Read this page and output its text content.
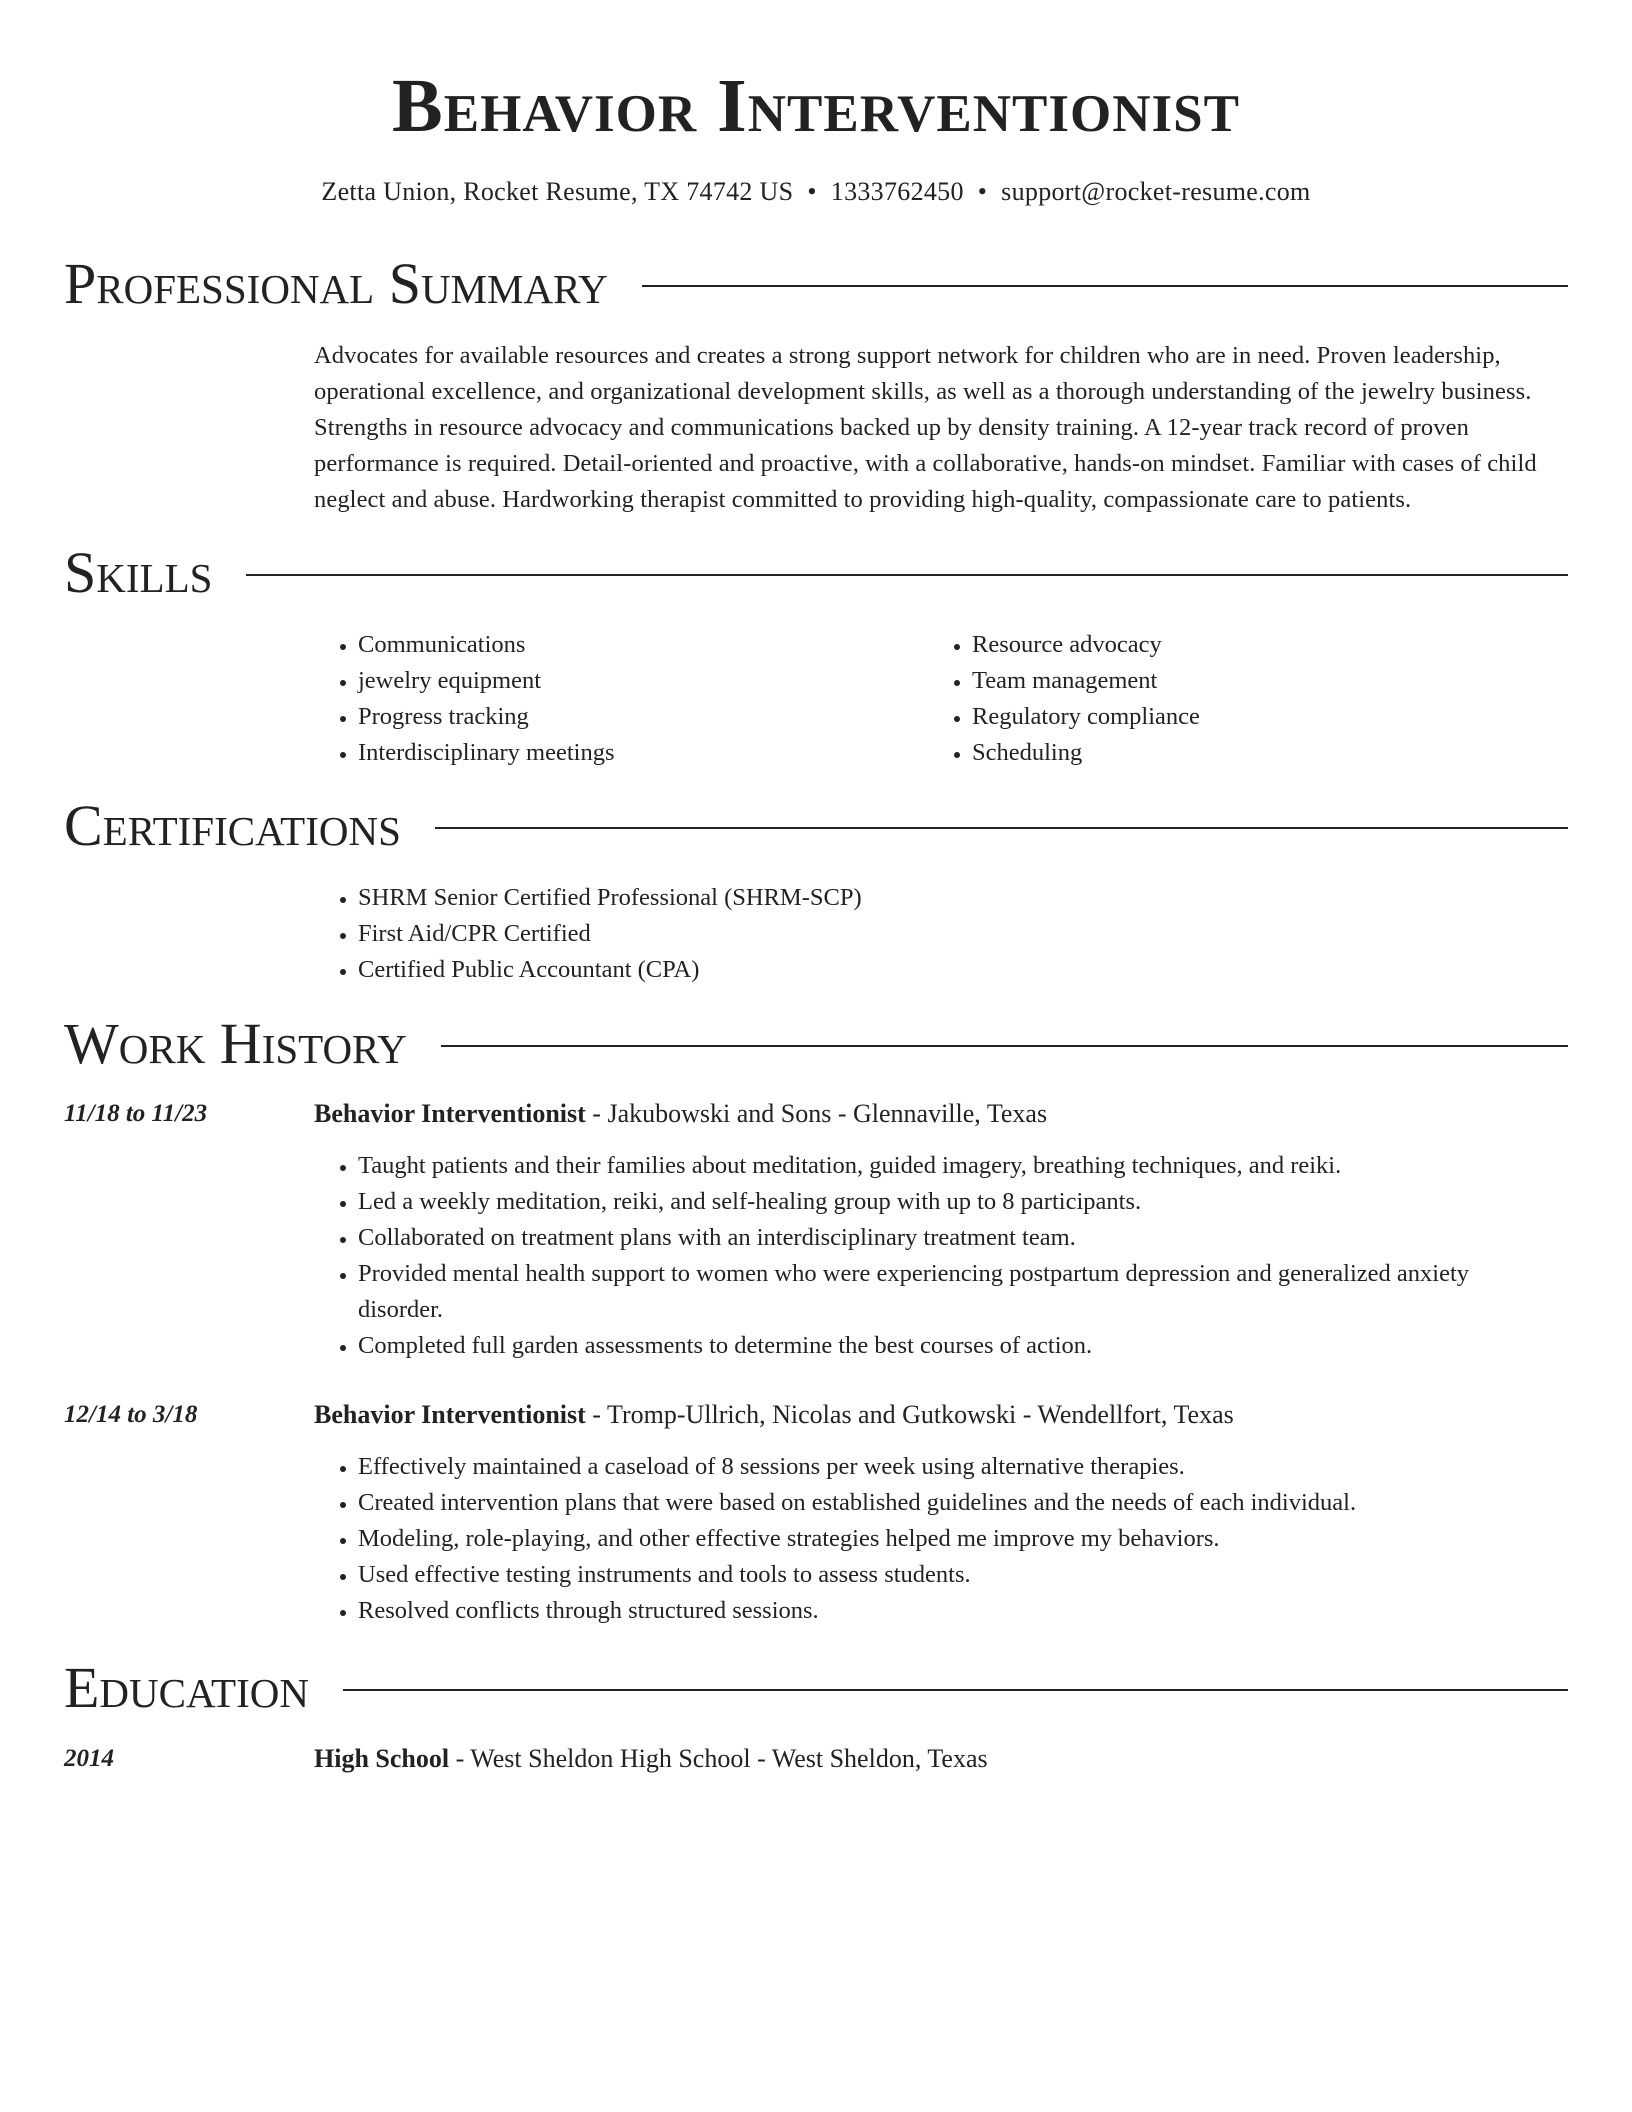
Behavior Interventionist
Zetta Union, Rocket Resume, TX 74742 US • 1333762450 • support@rocket-resume.com
Professional Summary

Advocates for available resources and creates a strong support network for children who are in need. Proven leadership, operational excellence, and organizational development skills, as well as a thorough understanding of the jewelry business. Strengths in resource advocacy and communications backed up by density training. A 12-year track record of proven performance is required. Detail-oriented and proactive, with a collaborative, hands-on mindset. Familiar with cases of child neglect and abuse. Hardworking therapist committed to providing high-quality, compassionate care to patients.

Skills
• Communications
• jewelry equipment
• Progress tracking
• Interdisciplinary meetings
• Resource advocacy
• Team management
• Regulatory compliance
• Scheduling
Certifications
• SHRM Senior Certified Professional (SHRM-SCP)
• First Aid/CPR Certified
• Certified Public Accountant (CPA)
Work History
11/18 to 11/23	Behavior Interventionist - Jakubowski and Sons - Glennaville, Texas
• Taught patients and their families about meditation, guided imagery, breathing techniques, and reiki.
• Led a weekly meditation, reiki, and self-healing group with up to 8 participants.
• Collaborated on treatment plans with an interdisciplinary treatment team.
• Provided mental health support to women who were experiencing postpartum depression and generalized anxiety disorder.
• Completed full garden assessments to determine the best courses of action.
12/14 to 3/18	Behavior Interventionist - Tromp-Ullrich, Nicolas and Gutkowski - Wendellfort, Texas
• Effectively maintained a caseload of 8 sessions per week using alternative therapies.
• Created intervention plans that were based on established guidelines and the needs of each individual.
• Modeling, role-playing, and other effective strategies helped me improve my behaviors.
• Used effective testing instruments and tools to assess students.
• Resolved conflicts through structured sessions.
Education
2014	High School - West Sheldon High School - West Sheldon, Texas
